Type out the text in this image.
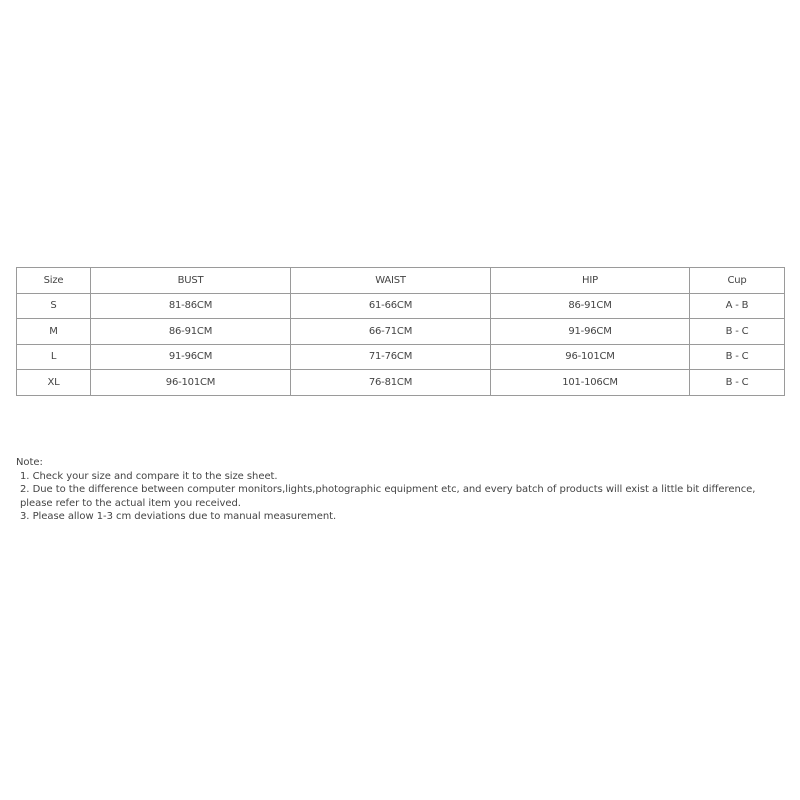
Size	BUST	WAIST	HIP	Cup
S	81-86CM	61-66CM	86-91CM	A - B
M	86-91CM	66-71CM	91-96CM	B - C
L	91-96CM	71-76CM	96-101CM	B - C
XL	96-101CM	76-81CM	101-106CM	B - C
Note:
1. Check your size and compare it to the size sheet.
2. Due to the difference between computer monitors,lights,photographic equipment etc, and every batch of products will exist a little bit difference,
please refer to the actual item you received.
3. Please allow 1-3 cm deviations due to manual measurement.
